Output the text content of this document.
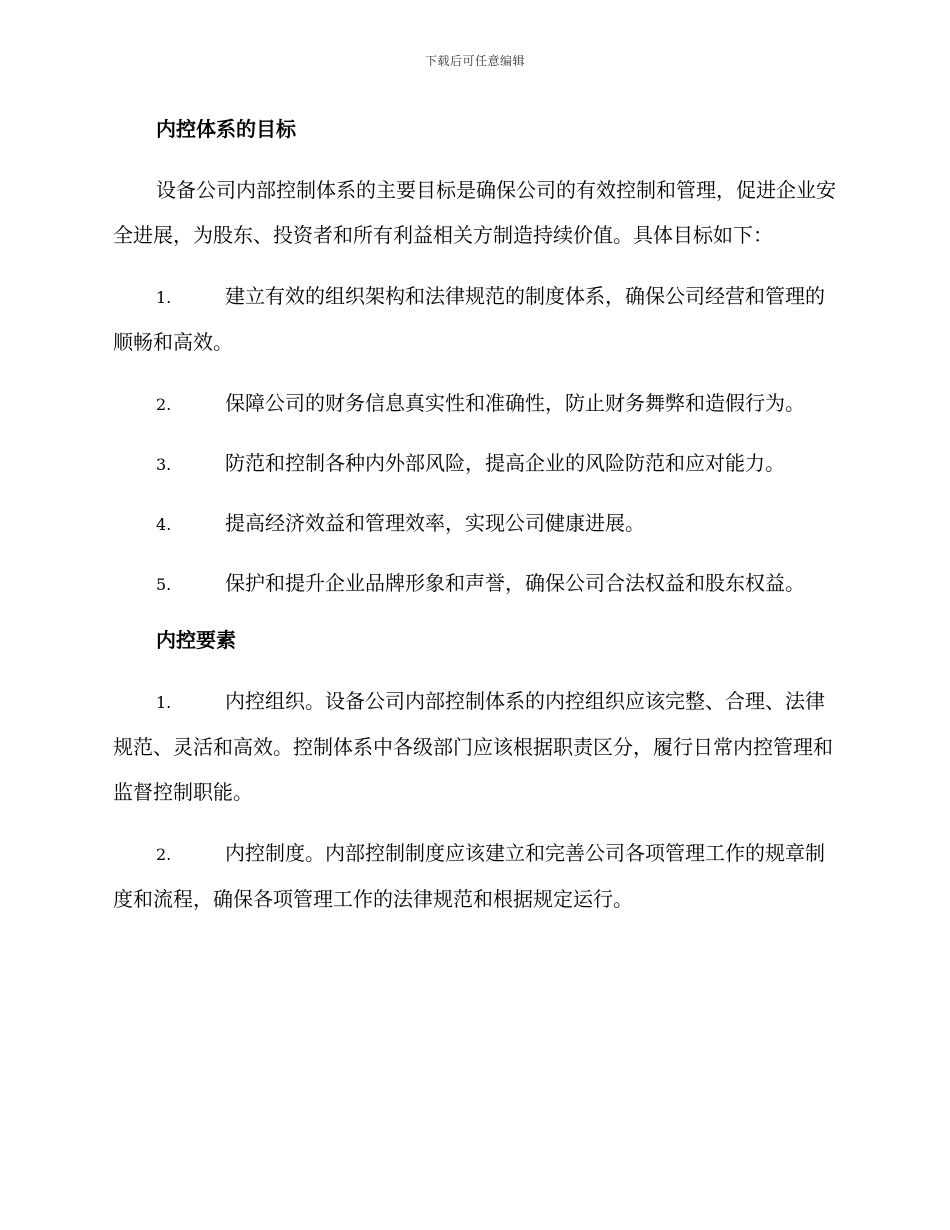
下载后可任意编辑
内控体系的目标

设备公司内部控制体系的主要目标是确保公司的有效控制和管理，促进企业安全进展，为股东、投资者和所有利益相关方制造持续价值。具体目标如下：

1.	建立有效的组织架构和法律规范的制度体系，确保公司经营和管理的顺畅和高效。

2.	保障公司的财务信息真实性和准确性，防止财务舞弊和造假行为。

3.	防范和控制各种内外部风险，提高企业的风险防范和应对能力。

4.	提高经济效益和管理效率，实现公司健康进展。

5.	保护和提升企业品牌形象和声誉，确保公司合法权益和股东权益。

内控要素

1.	内控组织。设备公司内部控制体系的内控组织应该完整、合理、法律规范、灵活和高效。控制体系中各级部门应该根据职责区分，履行日常内控管理和监督控制职能。

2.	内控制度。内部控制制度应该建立和完善公司各项管理工作的规章制度和流程，确保各项管理工作的法律规范和根据规定运行。
